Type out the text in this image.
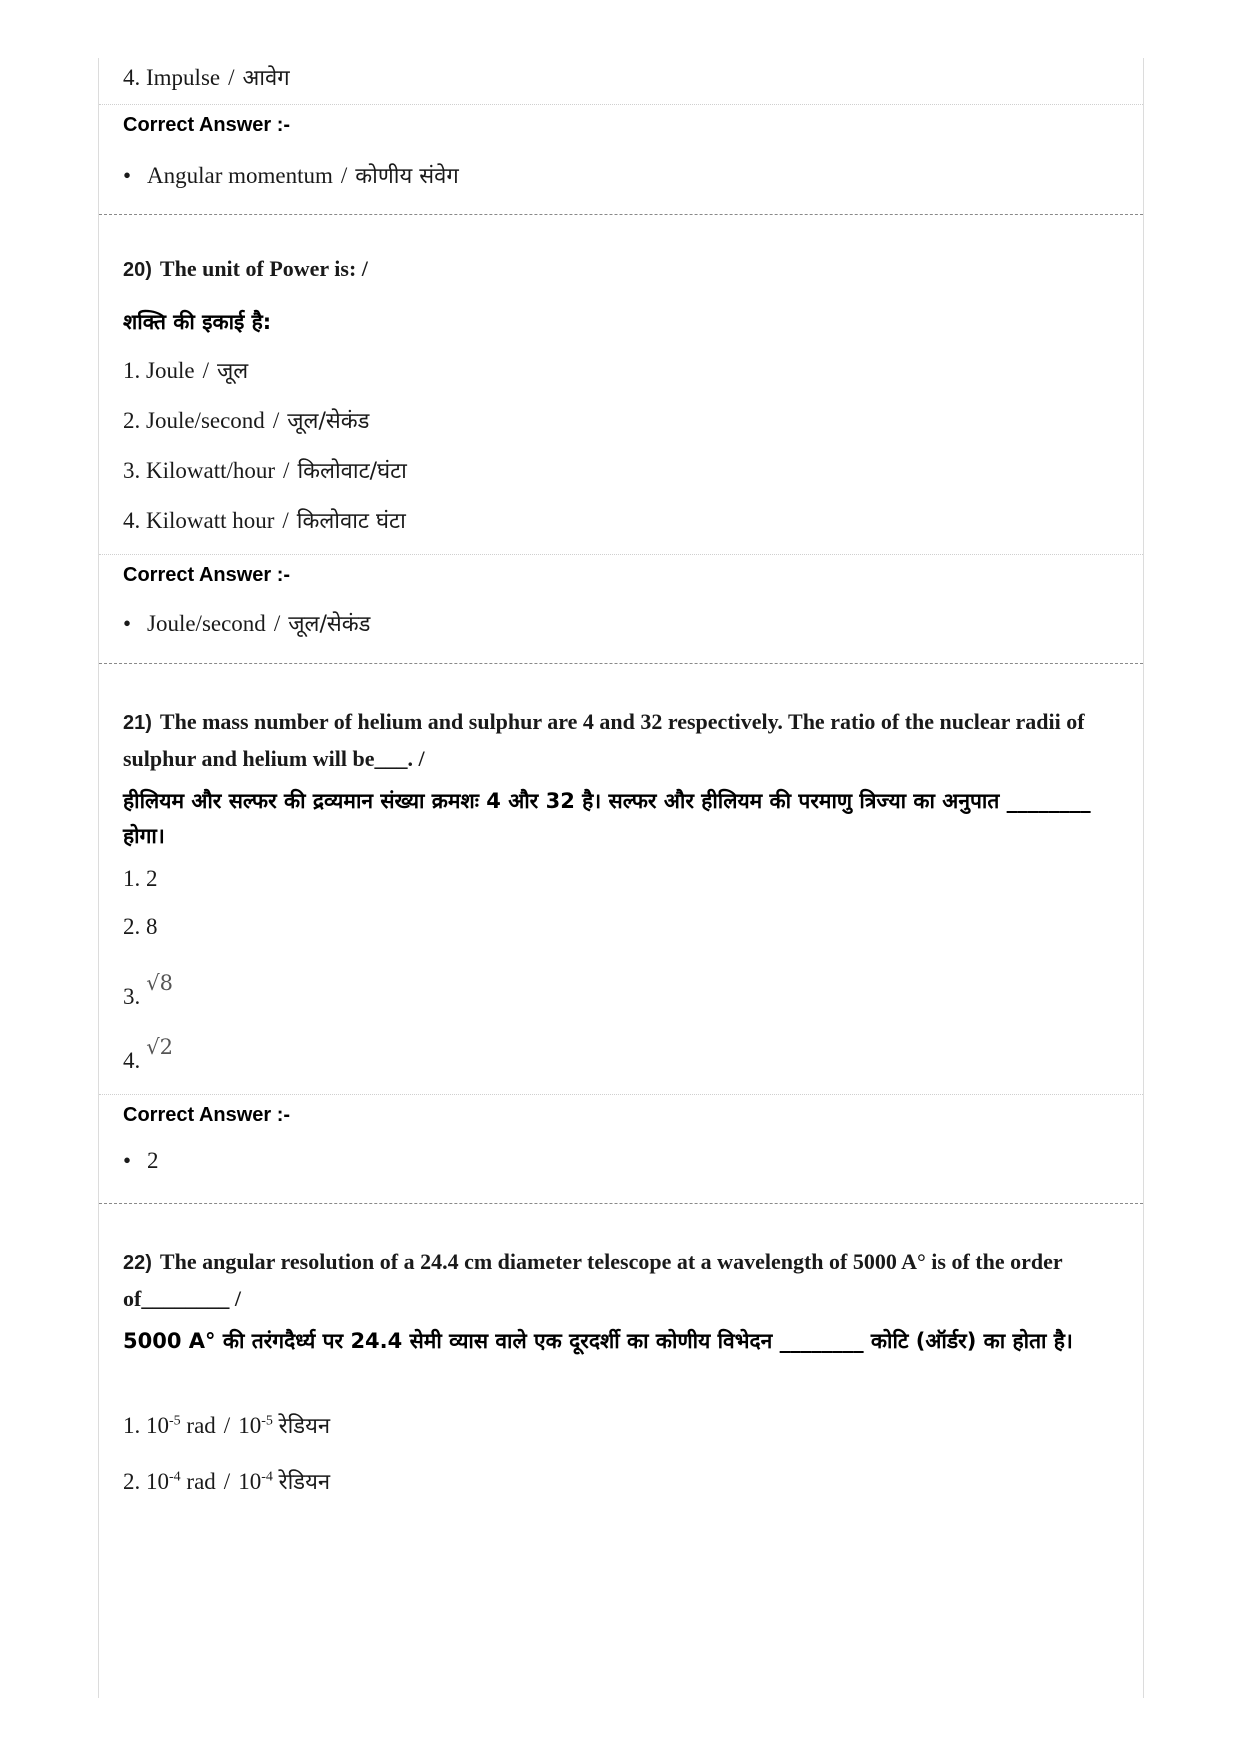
4. Impulse / आवेग
Correct Answer :-
• Angular momentum / कोणीय संवेग
20) The unit of Power is: /
शक्ति की इकाई है:
1. Joule / जूल
2. Joule/second / जूल/सेकंड
3. Kilowatt/hour / किलोवाट/घंटा
4. Kilowatt hour / किलोवाट घंटा
Correct Answer :-
• Joule/second / जूल/सेकंड
21) The mass number of helium and sulphur are 4 and 32 respectively. The ratio of the nuclear radii of sulphur and helium will be___. /
हीलियम और सल्फर की द्रव्यमान संख्या क्रमशः 4 और 32 है। सल्फर और हीलियम की परमाणु त्रिज्या का अनुपात ________ होगा।
1. 2
2. 8
3.√8
4.√2
Correct Answer :-
• 2
22) The angular resolution of a 24.4 cm diameter telescope at a wavelength of 5000 A° is of the order of________ /
5000 A° की तरंगदैर्ध्य पर 24.4 सेमी व्यास वाले एक दूरदर्शी का कोणीय विभेदन ________ कोटि (ऑर्डर) का होता है।
1. $10^{-5}$ rad / $10^{-5}$ रेडियन
2. $10^{-4}$ rad / $10^{-4}$ रेडियन
